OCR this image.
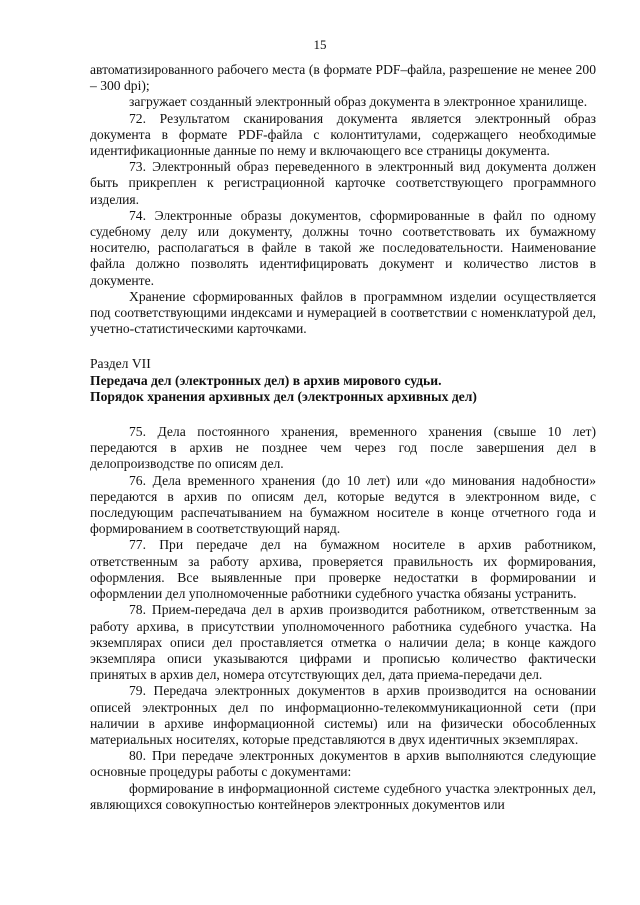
15

автоматизированного рабочего места (в формате PDF–файла, разрешение не менее 200 – 300 dpi);

загружает созданный электронный образ документа в электронное хранилище.

72. Результатом сканирования документа является электронный образ документа в формате PDF-файла с колонтитулами, содержащего необходимые идентификационные данные по нему и включающего все страницы документа.

73. Электронный образ переведенного в электронный вид документа должен быть прикреплен к регистрационной карточке соответствующего программного изделия.

74. Электронные образы документов, сформированные в файл по одному судебному делу или документу, должны точно соответствовать их бумажному носителю, располагаться в файле в такой же последовательности. Наименование файла должно позволять идентифицировать документ и количество листов в документе.

Хранение сформированных файлов в программном изделии осуществляется под соответствующими индексами и нумерацией в соответствии с номенклатурой дел, учетно-статистическими карточками.

Раздел VII

Передача дел (электронных дел) в архив мирового судьи.

Порядок хранения архивных дел (электронных архивных дел)

75. Дела постоянного хранения, временного хранения (свыше 10 лет) передаются в архив не позднее чем через год после завершения дел в делопроизводстве по описям дел.

76. Дела временного хранения (до 10 лет) или «до минования надобности» передаются в архив по описям дел, которые ведутся в электронном виде, с последующим распечатыванием на бумажном носителе в конце отчетного года и формированием в соответствующий наряд.

77. При передаче дел на бумажном носителе в архив работником, ответственным за работу архива, проверяется правильность их формирования, оформления. Все выявленные при проверке недостатки в формировании и оформлении дел уполномоченные работники судебного участка обязаны устранить.

78. Прием-передача дел в архив производится работником, ответственным за работу архива, в присутствии уполномоченного работника судебного участка. На экземплярах описи дел проставляется отметка о наличии дела; в конце каждого экземпляра описи указываются цифрами и прописью количество фактически принятых в архив дел, номера отсутствующих дел, дата приема-передачи дел.

79. Передача электронных документов в архив производится на основании описей электронных дел по информационно-телекоммуникационной сети (при наличии в архиве информационной системы) или на физически обособленных материальных носителях, которые представляются в двух идентичных экземплярах.

80. При передаче электронных документов в архив выполняются следующие основные процедуры работы с документами:

формирование в информационной системе судебного участка электронных дел, являющихся совокупностью контейнеров электронных документов или
